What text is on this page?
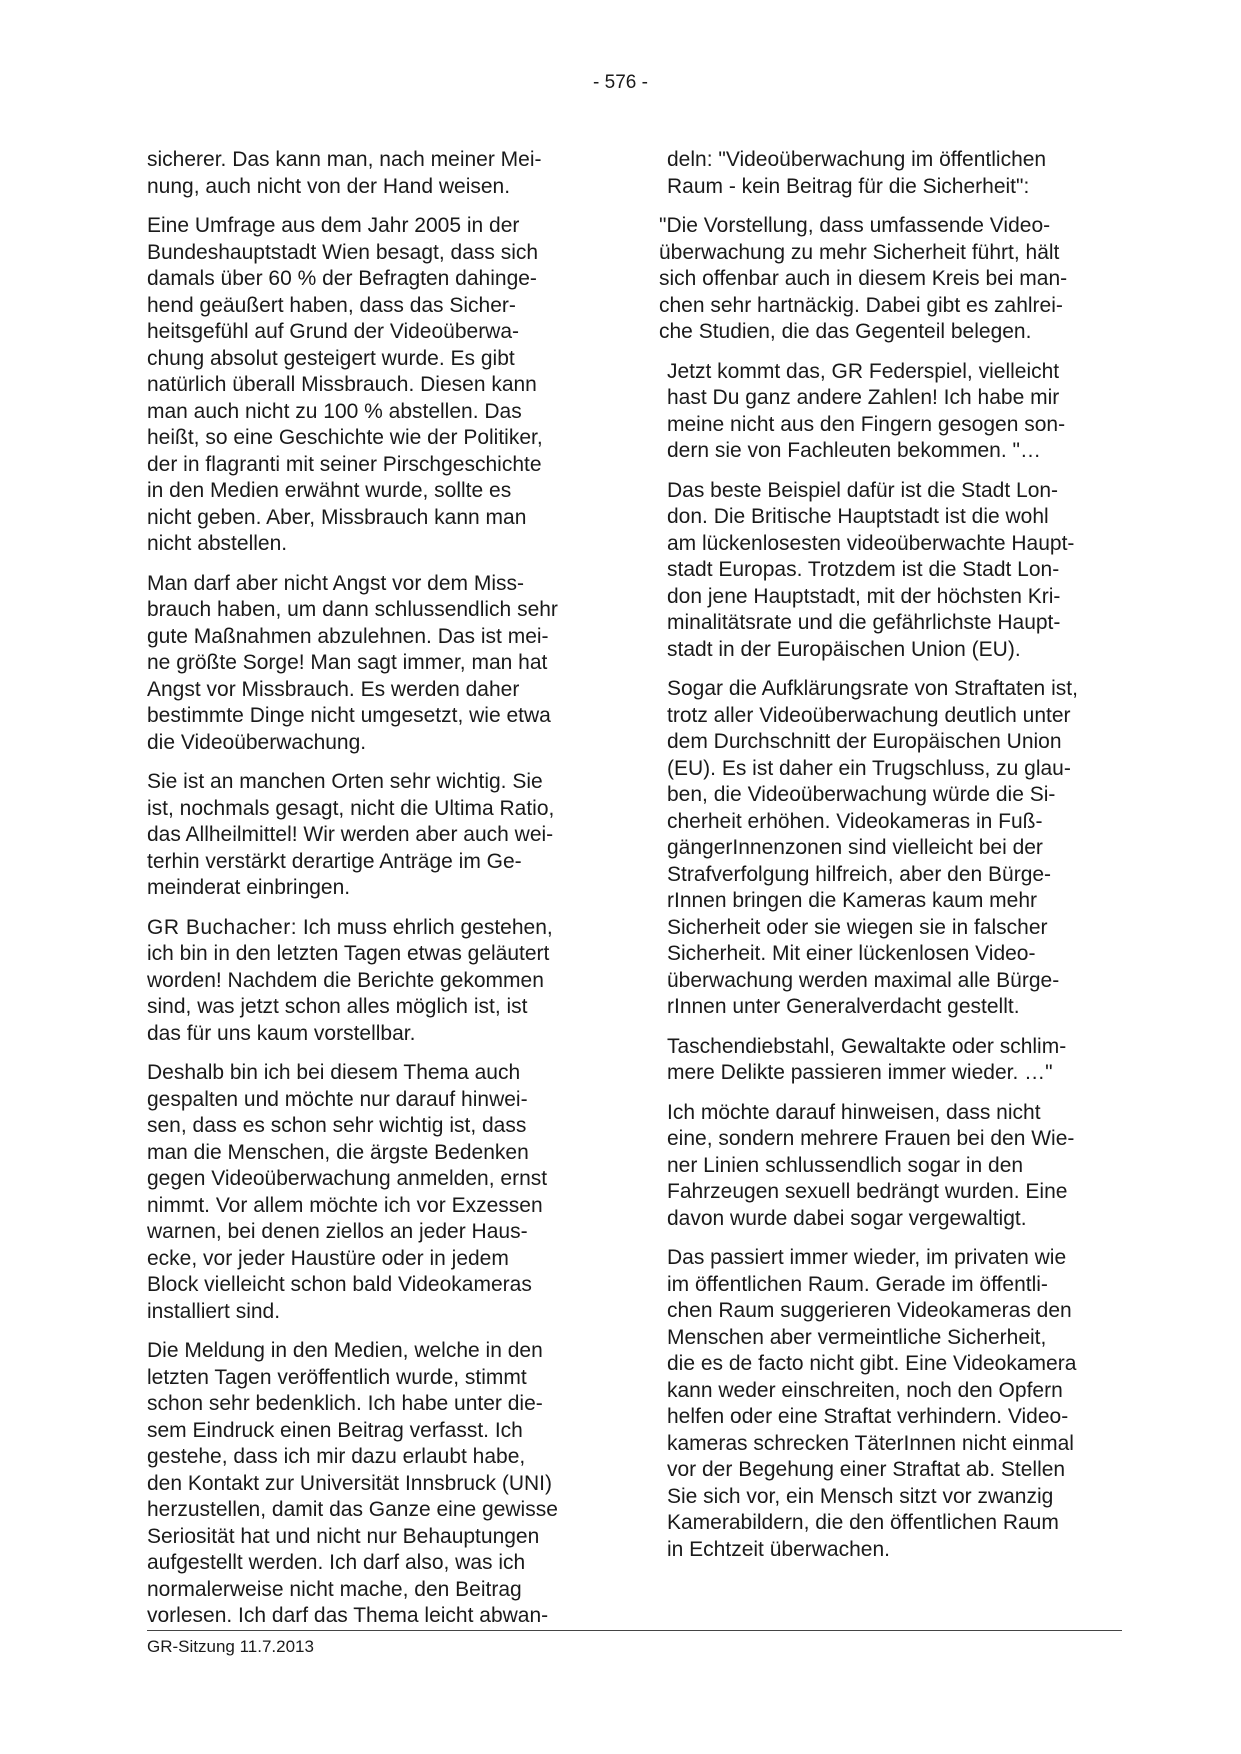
- 576 -

sicherer. Das kann man, nach meiner Mei-
nung, auch nicht von der Hand weisen.

Eine Umfrage aus dem Jahr 2005 in der
Bundeshauptstadt Wien besagt, dass sich
damals über 60 % der Befragten dahinge-
hend geäußert haben, dass das Sicher-
heitsgefühl auf Grund der Videoüberwa-
chung absolut gesteigert wurde. Es gibt
natürlich überall Missbrauch. Diesen kann
man auch nicht zu 100 % abstellen. Das
heißt, so eine Geschichte wie der Politiker,
der in flagranti mit seiner Pirschgeschichte
in den Medien erwähnt wurde, sollte es
nicht geben. Aber, Missbrauch kann man
nicht abstellen.

Man darf aber nicht Angst vor dem Miss-
brauch haben, um dann schlussendlich sehr
gute Maßnahmen abzulehnen. Das ist mei-
ne größte Sorge! Man sagt immer, man hat
Angst vor Missbrauch. Es werden daher
bestimmte Dinge nicht umgesetzt, wie etwa
die Videoüberwachung.

Sie ist an manchen Orten sehr wichtig. Sie
ist, nochmals gesagt, nicht die Ultima Ratio,
das Allheilmittel! Wir werden aber auch wei-
terhin verstärkt derartige Anträge im Ge-
meinderat einbringen.

GR Buchacher: Ich muss ehrlich gestehen,
ich bin in den letzten Tagen etwas geläutert
worden! Nachdem die Berichte gekommen
sind, was jetzt schon alles möglich ist, ist
das für uns kaum vorstellbar.

Deshalb bin ich bei diesem Thema auch
gespalten und möchte nur darauf hinwei-
sen, dass es schon sehr wichtig ist, dass
man die Menschen, die ärgste Bedenken
gegen Videoüberwachung anmelden, ernst
nimmt. Vor allem möchte ich vor Exzessen
warnen, bei denen ziellos an jeder Haus-
ecke, vor jeder Haustüre oder in jedem
Block vielleicht schon bald Videokameras
installiert sind.

Die Meldung in den Medien, welche in den
letzten Tagen veröffentlich wurde, stimmt
schon sehr bedenklich. Ich habe unter die-
sem Eindruck einen Beitrag verfasst. Ich
gestehe, dass ich mir dazu erlaubt habe,
den Kontakt zur Universität Innsbruck (UNI)
herzustellen, damit das Ganze eine gewisse
Seriosität hat und nicht nur Behauptungen
aufgestellt werden. Ich darf also, was ich
normalerweise nicht mache, den Beitrag
vorlesen. Ich darf das Thema leicht abwan-

deln: "Videoüberwachung im öffentlichen
Raum - kein Beitrag für die Sicherheit":

"Die Vorstellung, dass umfassende Video-
überwachung zu mehr Sicherheit führt, hält
sich offenbar auch in diesem Kreis bei man-
chen sehr hartnäckig. Dabei gibt es zahlrei-
che Studien, die das Gegenteil belegen.

Jetzt kommt das, GR Federspiel, vielleicht
hast Du ganz andere Zahlen! Ich habe mir
meine nicht aus den Fingern gesogen son-
dern sie von Fachleuten bekommen. "…

Das beste Beispiel dafür ist die Stadt Lon-
don. Die Britische Hauptstadt ist die wohl
am lückenlosesten videoüberwachte Haupt-
stadt Europas. Trotzdem ist die Stadt Lon-
don jene Hauptstadt, mit der höchsten Kri-
minalitätsrate und die gefährlichste Haupt-
stadt in der Europäischen Union (EU).

Sogar die Aufklärungsrate von Straftaten ist,
trotz aller Videoüberwachung deutlich unter
dem Durchschnitt der Europäischen Union
(EU). Es ist daher ein Trugschluss, zu glau-
ben, die Videoüberwachung würde die Si-
cherheit erhöhen. Videokameras in Fuß-
gängerInnenzonen sind vielleicht bei der
Strafverfolgung hilfreich, aber den Bürge-
rInnen bringen die Kameras kaum mehr
Sicherheit oder sie wiegen sie in falscher
Sicherheit. Mit einer lückenlosen Video-
überwachung werden maximal alle Bürge-
rInnen unter Generalverdacht gestellt.

Taschendiebstahl, Gewaltakte oder schlim-
mere Delikte passieren immer wieder. …"

Ich möchte darauf hinweisen, dass nicht
eine, sondern mehrere Frauen bei den Wie-
ner Linien schlussendlich sogar in den
Fahrzeugen sexuell bedrängt wurden. Eine
davon wurde dabei sogar vergewaltigt.

Das passiert immer wieder, im privaten wie
im öffentlichen Raum. Gerade im öffentli-
chen Raum suggerieren Videokameras den
Menschen aber vermeintliche Sicherheit,
die es de facto nicht gibt. Eine Videokamera
kann weder einschreiten, noch den Opfern
helfen oder eine Straftat verhindern. Video-
kameras schrecken TäterInnen nicht einmal
vor der Begehung einer Straftat ab. Stellen
Sie sich vor, ein Mensch sitzt vor zwanzig
Kamerabildern, die den öffentlichen Raum
in Echtzeit überwachen.

GR-Sitzung 11.7.2013
